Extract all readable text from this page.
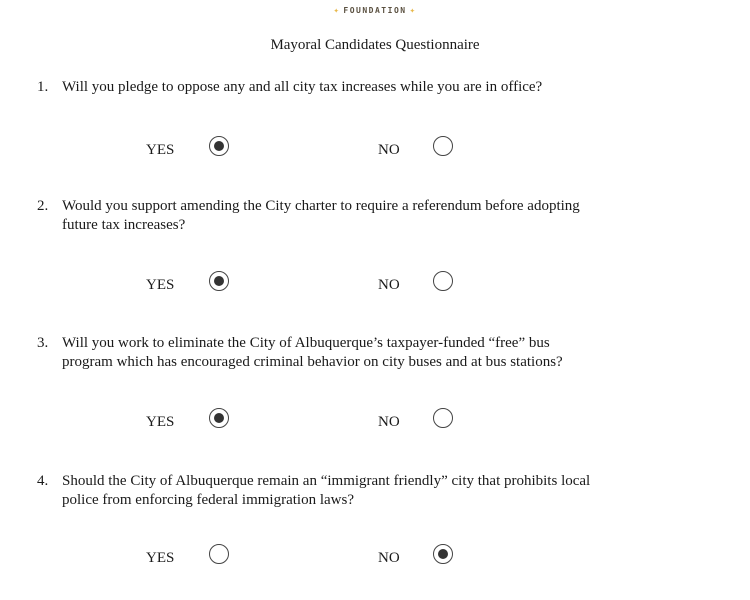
✦ FOUNDATION ✦
Mayoral Candidates Questionnaire
1. Will you pledge to oppose any and all city tax increases while you are in office?
YES	NO
2. Would you support amending the City charter to require a referendum before adopting
future tax increases?
YES	NO
3. Will you work to eliminate the City of Albuquerque’s taxpayer-funded “free” bus
program which has encouraged criminal behavior on city buses and at bus stations?
YES	NO
4. Should the City of Albuquerque remain an “immigrant friendly” city that prohibits local
police from enforcing federal immigration laws?
YES	NO
